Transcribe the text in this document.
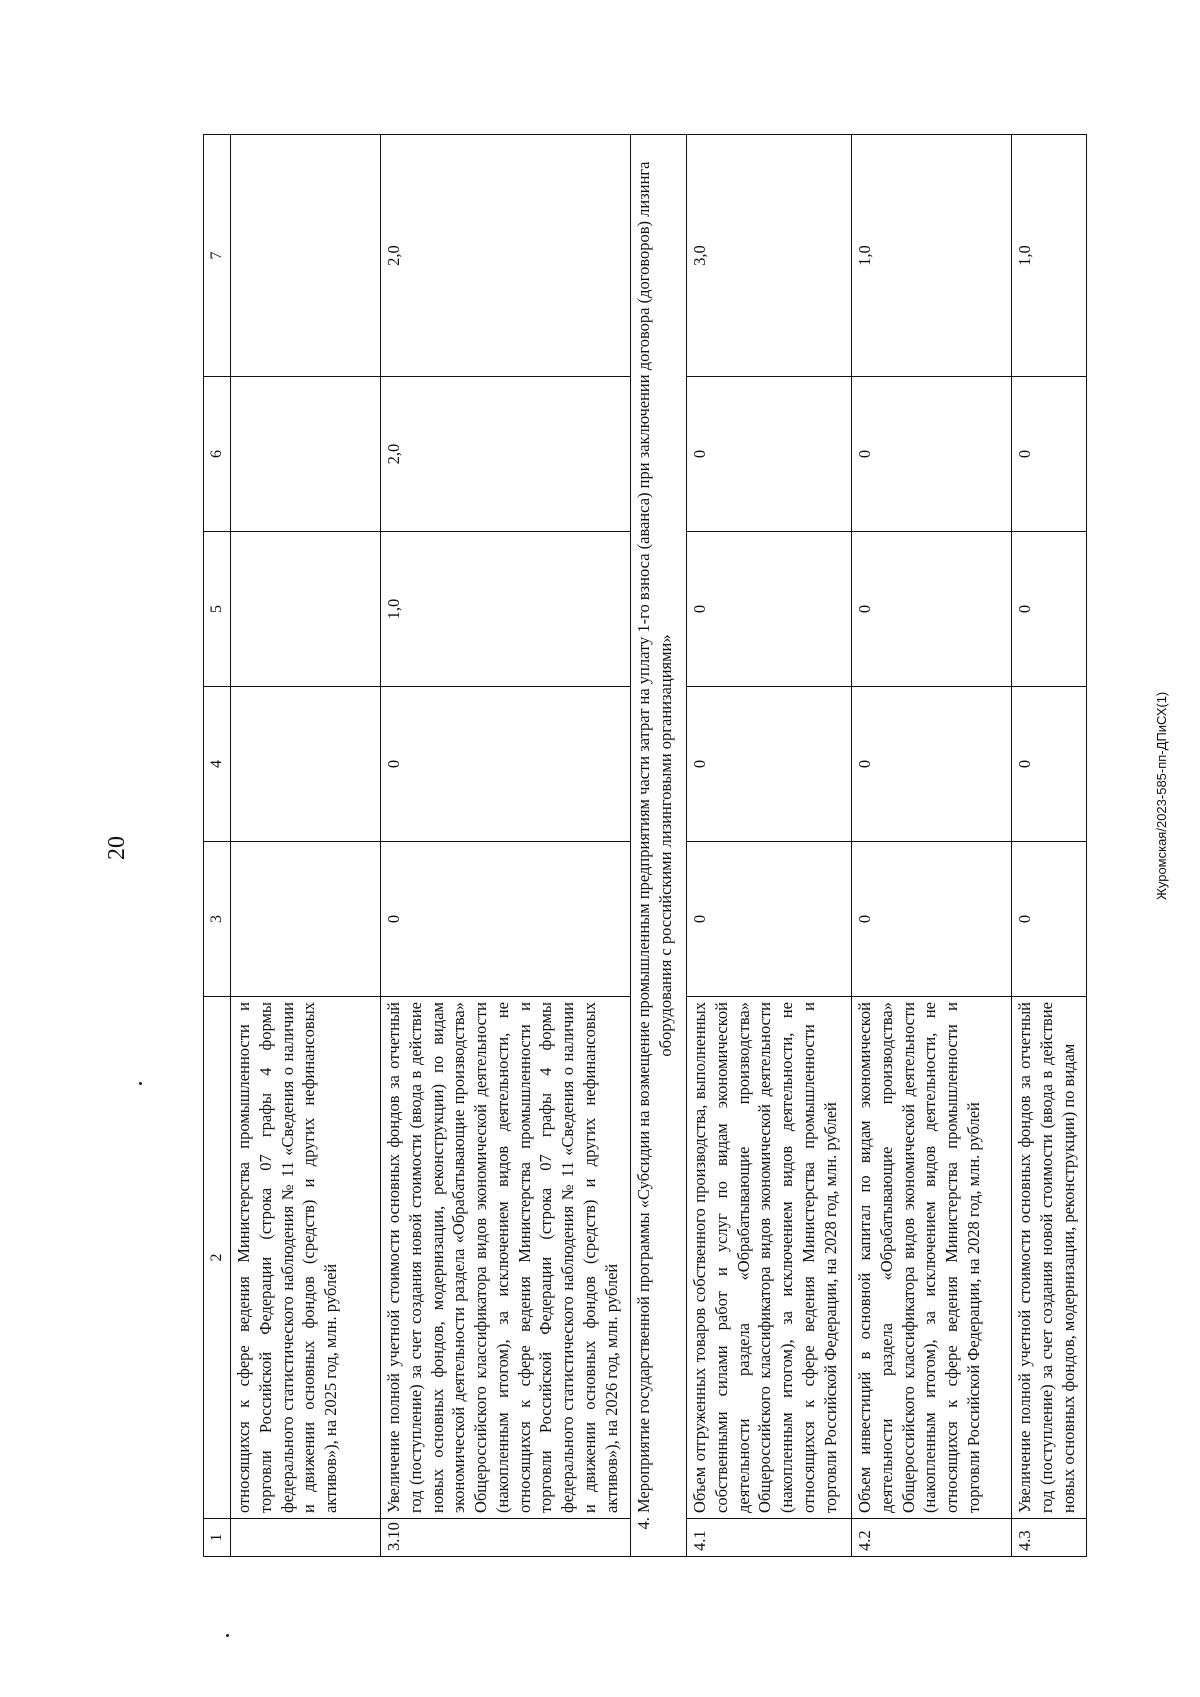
20	Журомская/2023-585-пп-ДПиСХ(1)
1	2	3	4	5	6	7
	относящихся к сфере ведения Министерства промышленности и торговли Российской Федерации (строка 07 графы 4 формы федерального статистического наблюдения № 11 «Сведения о наличии и движении основных фондов (средств) и других нефинансовых активов»), на 2025 год, млн. рублей					
3.10	Увеличение полной учетной стоимости основных фондов за отчетный год (поступление) за счет создания новой стоимости (ввода в действие новых основных фондов, модернизации, реконструкции) по видам экономической деятельности раздела «Обрабатывающие производства» Общероссийского классификатора видов экономической деятельности (накопленным итогом), за исключением видов деятельности, не относящихся к сфере ведения Министерства промышленности и торговли Российской Федерации (строка 07 графы 4 формы федерального статистического наблюдения № 11 «Сведения о наличии и движении основных фондов (средств) и других нефинансовых активов»), на 2026 год, млн. рублей	0	0	1,0	2,0	2,0
4. Мероприятие государственной программы «Субсидии на возмещение промышленным предприятиям части затрат на уплату 1-го взноса (аванса) при заключении договора (договоров) лизинга оборудования с российскими лизинговыми организациями»						
4.1	Объем отгруженных товаров собственного производства, выполненных собственными силами работ и услуг по видам экономической деятельности раздела «Обрабатывающие производства» Общероссийского классификатора видов экономической деятельности (накопленным итогом), за исключением видов деятельности, не относящихся к сфере ведения Министерства промышленности и торговли Российской Федерации, на 2028 год, млн. рублей	0	0	0	0	3,0
4.2	Объем инвестиций в основной капитал по видам экономической деятельности раздела «Обрабатывающие производства» Общероссийского классификатора видов экономической деятельности (накопленным итогом), за исключением видов деятельности, не относящихся к сфере ведения Министерства промышленности и торговли Российской Федерации, на 2028 год, млн. рублей	0	0	0	0	1,0
4.3	Увеличение полной учетной стоимости основных фондов за отчетный год (поступление) за счет создания новой стоимости (ввода в действие новых основных фондов, модернизации, реконструкции) по видам	0	0	0	0	1,0
